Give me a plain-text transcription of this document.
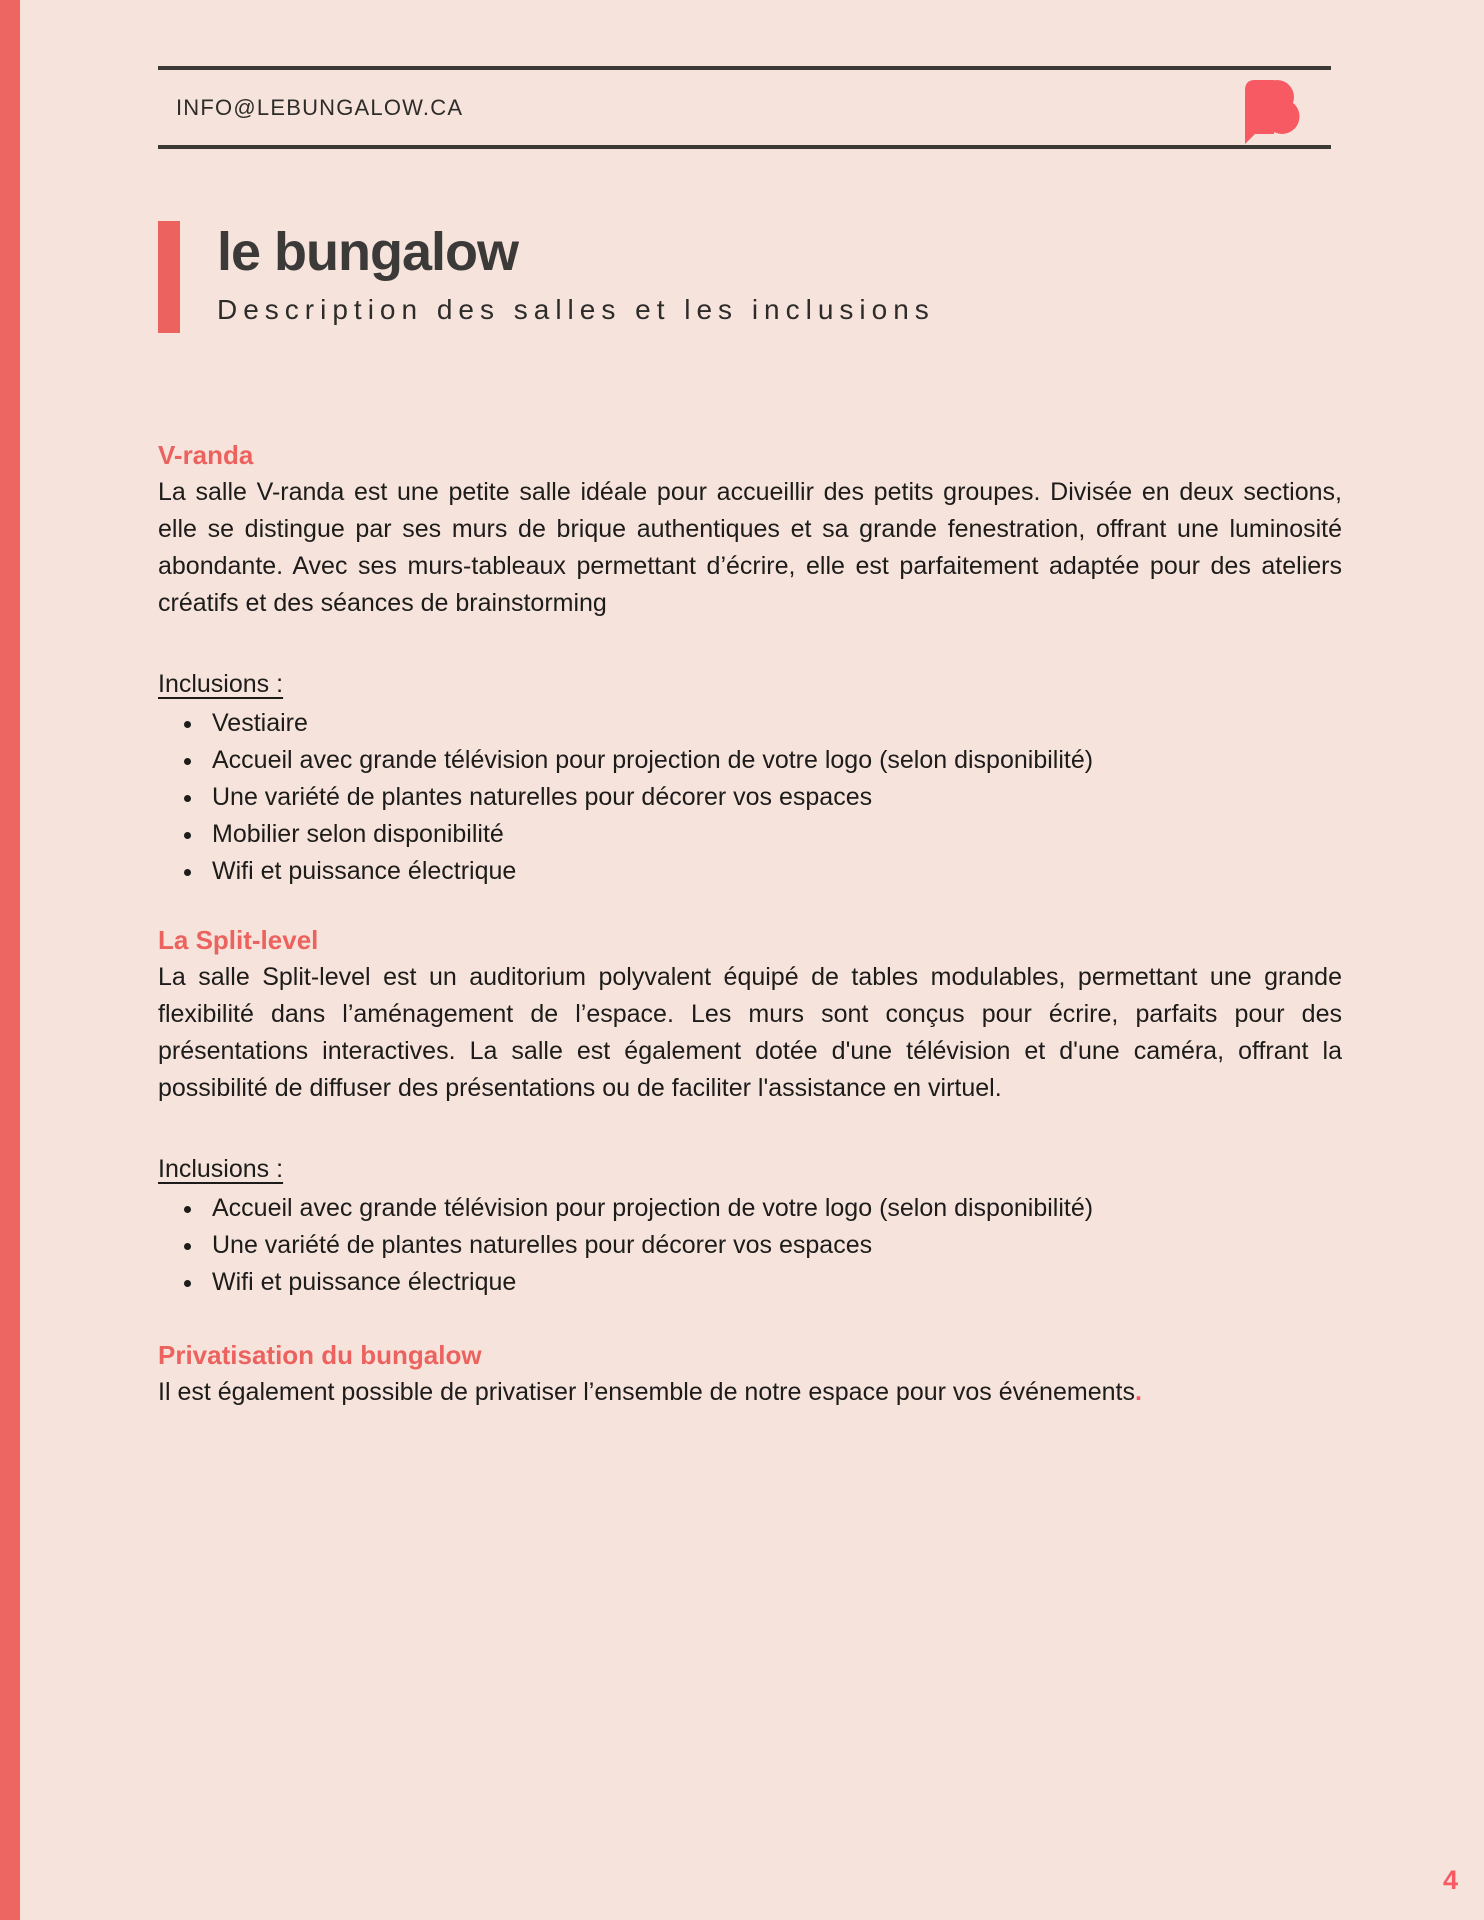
INFO@LEBUNGALOW.CA
le bungalow
Description des salles et les inclusions
V-randa

La salle V-randa est une petite salle idéale pour accueillir des petits groupes. Divisée en deux sections, elle se distingue par ses murs de brique authentiques et sa grande fenestration, offrant une luminosité abondante. Avec ses murs-tableaux permettant d’écrire, elle est parfaitement adaptée pour des ateliers créatifs et des séances de brainstorming

Inclusions :

• Vestiaire
• Accueil avec grande télévision pour projection de votre logo (selon disponibilité)
• Une variété de plantes naturelles pour décorer vos espaces
• Mobilier selon disponibilité
• Wifi et puissance électrique
La Split-level

La salle Split-level est un auditorium polyvalent équipé de tables modulables, permettant une grande flexibilité dans l’aménagement de l’espace. Les murs sont conçus pour écrire, parfaits pour des présentations interactives. La salle est également dotée d'une télévision et d'une caméra, offrant la possibilité de diffuser des présentations ou de faciliter l'assistance en virtuel.

Inclusions :

• Accueil avec grande télévision pour projection de votre logo (selon disponibilité)
• Une variété de plantes naturelles pour décorer vos espaces
• Wifi et puissance électrique
Privatisation du bungalow

Il est également possible de privatiser l’ensemble de notre espace pour vos événements.

4
